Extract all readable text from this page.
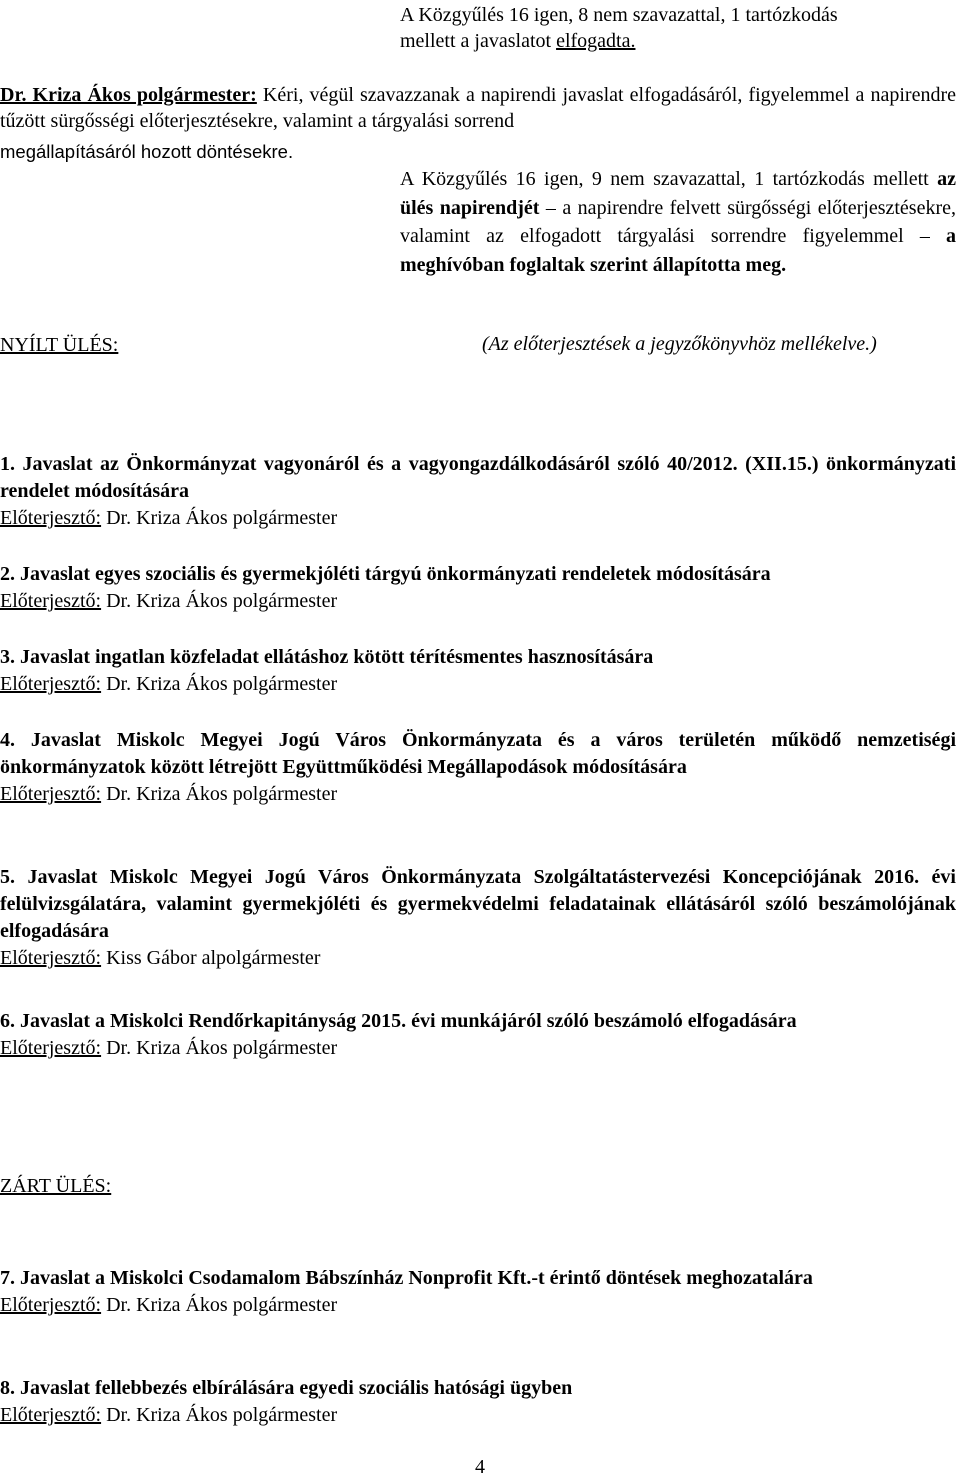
A Közgyűlés 16 igen, 8 nem szavazattal, 1 tartózkodás
mellett a javaslatot elfogadta.
Dr. Kriza Ákos polgármester: Kéri, végül szavazzanak a napirendi javaslat elfogadásáról, figyelemmel a napirendre tűzött sürgősségi előterjesztésekre, valamint a tárgyalási sorrend
megállapításáról hozott döntésekre.
A Közgyűlés 16 igen, 9 nem szavazattal, 1 tartózkodás mellett az ülés napirendjét – a napirendre felvett sürgősségi előterjesztésekre, valamint az elfogadott tárgyalási sorrendre figyelemmel – a meghívóban foglaltak szerint állapította meg.
(Az előterjesztések a jegyzőkönyvhöz mellékelve.)
NYÍLT ÜLÉS:
1. Javaslat az Önkormányzat vagyonáról és a vagyongazdálkodásáról szóló 40/2012. (XII.15.) önkormányzati rendelet módosítására
Előterjesztő: Dr. Kriza Ákos polgármester
2. Javaslat egyes szociális és gyermekjóléti tárgyú önkormányzati rendeletek módosítására
Előterjesztő: Dr. Kriza Ákos polgármester
3. Javaslat ingatlan közfeladat ellátáshoz kötött térítésmentes hasznosítására
Előterjesztő: Dr. Kriza Ákos polgármester
4. Javaslat Miskolc Megyei Jogú Város Önkormányzata és a város területén működő nemzetiségi önkormányzatok között létrejött Együttműködési Megállapodások módosítására
Előterjesztő: Dr. Kriza Ákos polgármester
5. Javaslat Miskolc Megyei Jogú Város Önkormányzata Szolgáltatástervezési Koncepciójának 2016. évi felülvizsgálatára, valamint gyermekjóléti és gyermekvédelmi feladatainak ellátásáról szóló beszámolójának elfogadására
Előterjesztő: Kiss Gábor alpolgármester
6. Javaslat a Miskolci Rendőrkapitányság 2015. évi munkájáról szóló beszámoló elfogadására
Előterjesztő: Dr. Kriza Ákos polgármester
ZÁRT ÜLÉS:
7. Javaslat a Miskolci Csodamalom Bábszínház Nonprofit Kft.-t érintő döntések meghozatalára
Előterjesztő: Dr. Kriza Ákos polgármester
8. Javaslat fellebbezés elbírálására egyedi szociális hatósági ügyben
Előterjesztő: Dr. Kriza Ákos polgármester
4
